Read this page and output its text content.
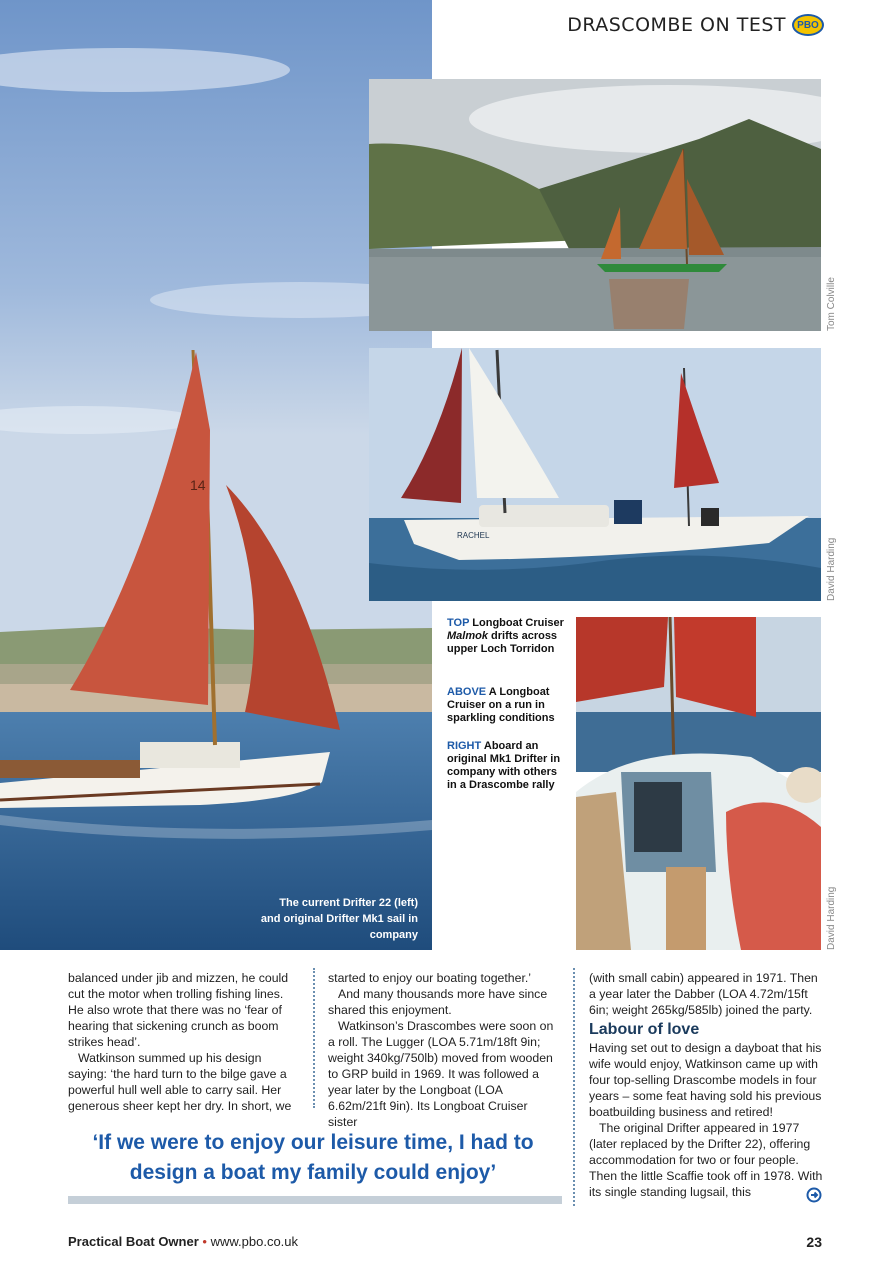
DRASCOMBE ON TEST	PBO
14
The current Drifter 22 (left) and original Drifter Mk1 sail in company
Tom Colville
RACHEL
David Harding
David Harding
TOP Longboat Cruiser Malmok drifts across upper Loch Torridon
ABOVE A Longboat Cruiser on a run in sparkling conditions
RIGHT Aboard an original Mk1 Drifter in company with others in a Drascombe rally

balanced under jib and mizzen, he could cut the motor when trolling fishing lines. He also wrote that there was no ‘fear of hearing that sickening crunch as boom strikes head’.

Watkinson summed up his design saying: ‘the hard turn to the bilge gave a powerful hull well able to carry sail. Her generous sheer kept her dry. In short, we

started to enjoy our boating together.’

And many thousands more have since shared this enjoyment.

Watkinson’s Drascombes were soon on a roll. The Lugger (LOA 5.71m/18ft 9in; weight 340kg/750lb) moved from wooden to GRP build in 1969. It was followed a year later by the Longboat (LOA 6.62m/21ft 9in). Its Longboat Cruiser sister

(with small cabin) appeared in 1971. Then a year later the Dabber (LOA 4.72m/15ft 6in; weight 265kg/585lb) joined the party.

Labour of love

Having set out to design a dayboat that his wife would enjoy, Watkinson came up with four top-selling Drascombe models in four years – some feat having sold his previous boatbuilding business and retired!

The original Drifter appeared in 1977 (later replaced by the Drifter 22), offering accommodation for two or four people. Then the little Scaffie took off in 1978. With its single standing lugsail, this

‘If we were to enjoy our leisure time, I had to design a boat my family could enjoy’
Practical Boat Owner • www.pbo.co.uk	23
